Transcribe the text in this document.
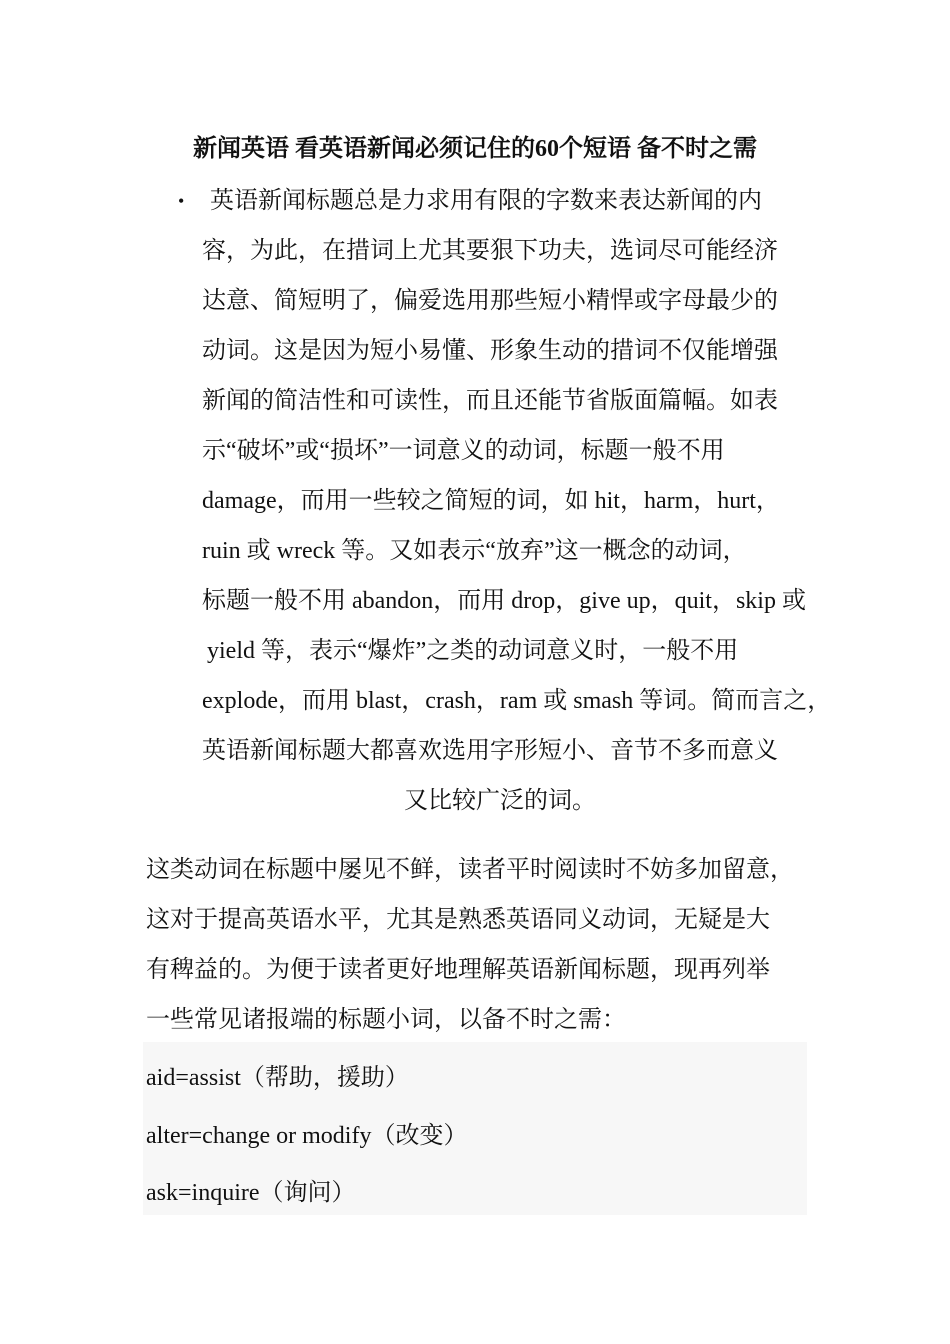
新闻英语 看英语新闻必须记住的60个短语 备不时之需
• 英语新闻标题总是力求用有限的字数来表达新闻的内
容，为此，在措词上尤其要狠下功夫，选词尽可能经济
达意、简短明了，偏爱选用那些短小精悍或字母最少的
动词。这是因为短小易懂、形象生动的措词不仅能增强
新闻的简洁性和可读性，而且还能节省版面篇幅。如表
示“破坏”或“损坏”一词意义的动词，标题一般不用
damage，而用一些较之简短的词，如 hit，harm，hurt，
ruin 或 wreck 等。又如表示“放弃”这一概念的动词，
标题一般不用 abandon，而用 drop，give up，quit，skip 或
yield 等，表示“爆炸”之类的动词意义时，一般不用
explode，而用 blast，crash，ram 或 smash 等词。简而言之，
英语新闻标题大都喜欢选用字形短小、音节不多而意义
又比较广泛的词。
这类动词在标题中屡见不鲜，读者平时阅读时不妨多加留意，
这对于提高英语水平，尤其是熟悉英语同义动词，无疑是大
有稗益的。为便于读者更好地理解英语新闻标题，现再列举
一些常见诸报端的标题小词，以备不时之需：
aid=assist（帮助，援助）
alter=change or modify（改变）
ask=inquire（询问）
